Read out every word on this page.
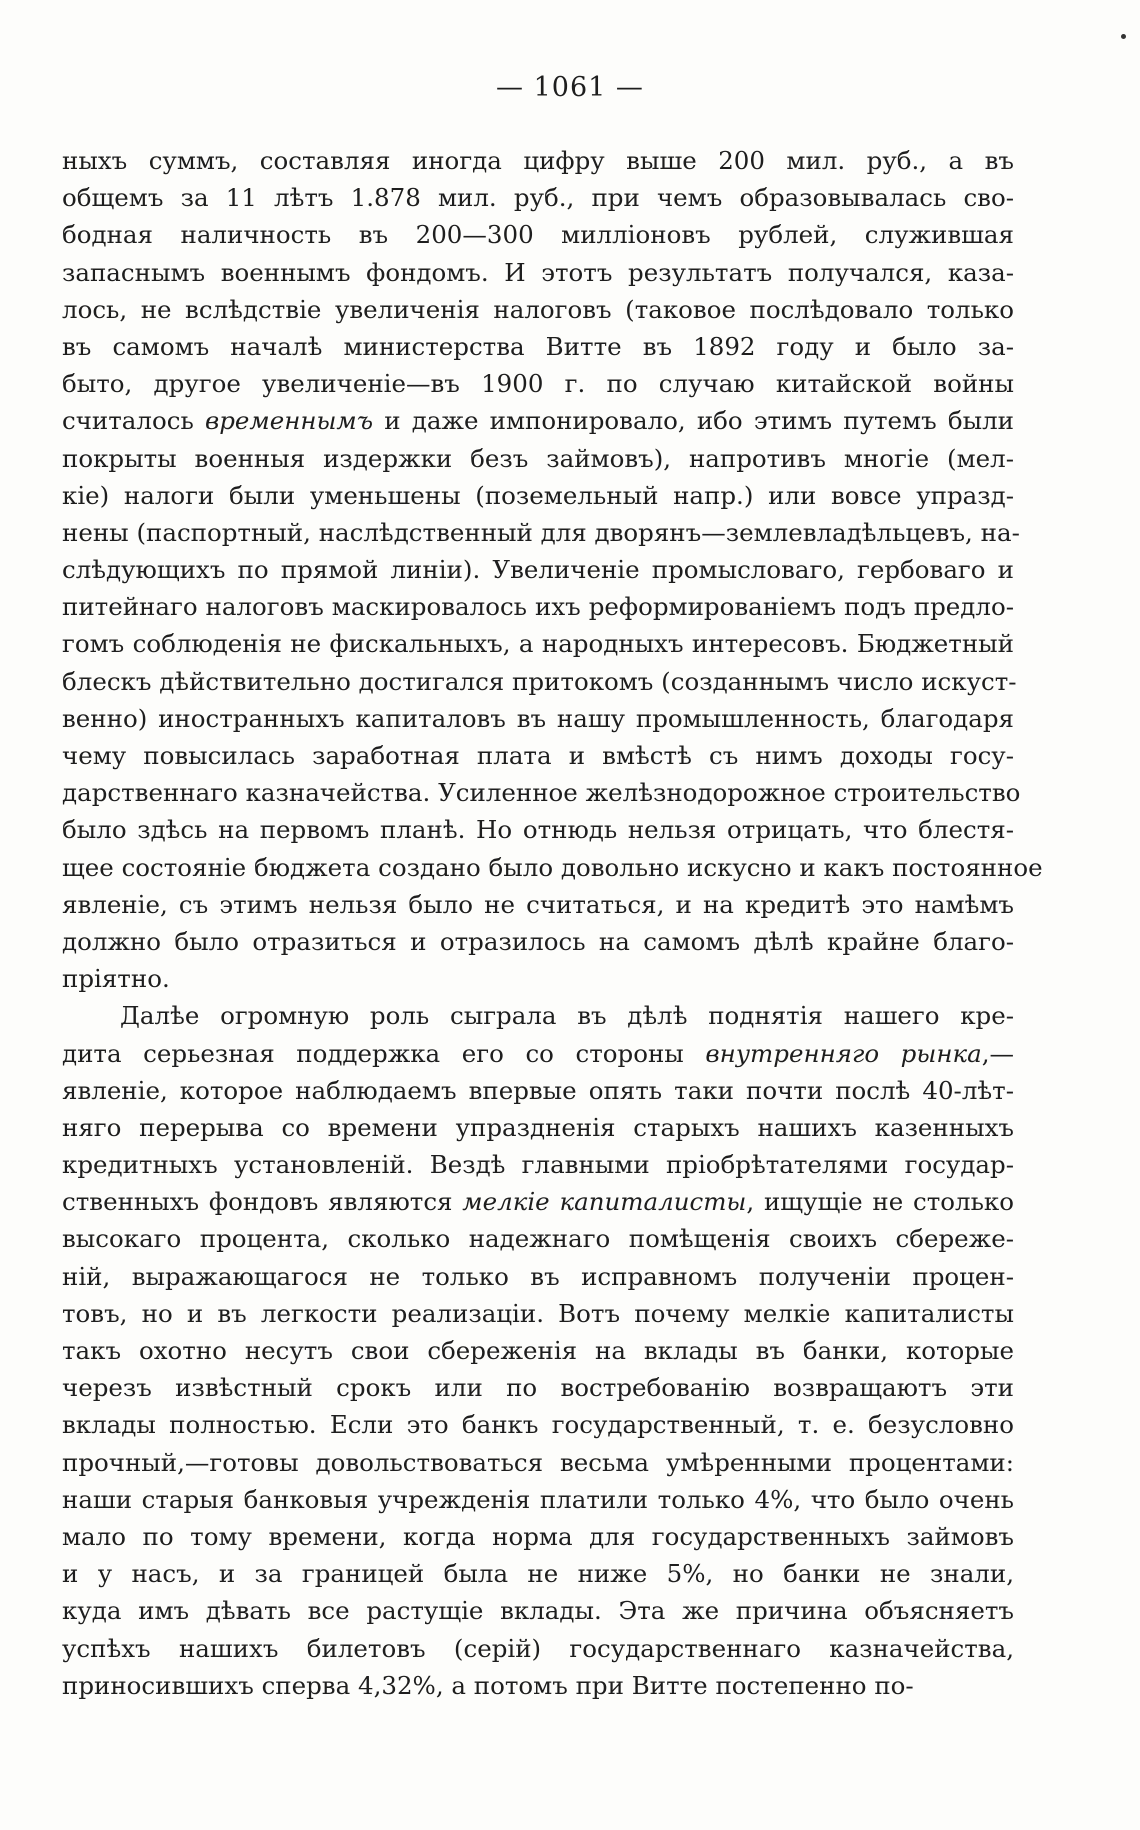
— 1061 —
ныхъ суммъ, составляя иногда цифру выше 200 мил. руб., а въ
общемъ за 11 лѣтъ 1.878 мил. руб., при чемъ образовывалась сво-
бодная наличность въ 200—300 миллiоновъ рублей, служившая
запаснымъ военнымъ фондомъ. И этотъ результатъ получался, каза-
лось, не вслѣдствiе увеличенiя налоговъ (таковое послѣдовало только
въ самомъ началѣ министерства Витте въ 1892 году и было за-
быто, другое увеличенiе—въ 1900 г. по случаю китайской войны
считалось временнымъ и даже импонировало, ибо этимъ путемъ были
покрыты военныя издержки безъ займовъ), напротивъ многiе (мел-
кiе) налоги были уменьшены (поземельный напр.) или вовсе упразд-
нены (паспортный, наслѣдственный для дворянъ—землевладѣльцевъ, на-
слѣдующихъ по прямой линiи). Увеличенiе промысловаго, гербоваго и
питейнаго налоговъ маскировалось ихъ реформированiемъ подъ предло-
гомъ соблюденiя не фискальныхъ, а народныхъ интересовъ. Бюджетный
блескъ дѣйствительно достигался притокомъ (созданнымъ число искуст-
венно) иностранныхъ капиталовъ въ нашу промышленность, благодаря
чему повысилась заработная плата и вмѣстѣ съ нимъ доходы госу-
дарственнаго казначейства. Усиленное желѣзнодорожное строительство
было здѣсь на первомъ планѣ. Но отнюдь нельзя отрицать, что блестя-
щее состоянiе бюджета создано было довольно искусно и какъ постоянное
явленiе, съ этимъ нельзя было не считаться, и на кредитѣ это намѣмъ
должно было отразиться и отразилось на самомъ дѣлѣ крайне благо-
прiятно.
Далѣе огромную роль сыграла въ дѣлѣ поднятiя нашего кре-
дита серьезная поддержка его со стороны внутренняго рынка,—
явленiе, которое наблюдаемъ впервые опять таки почти послѣ 40-лѣт-
няго перерыва со времени упраздненiя старыхъ нашихъ казенныхъ
кредитныхъ установленiй. Вездѣ главными прiобрѣтателями государ-
ственныхъ фондовъ являются мелкiе капиталисты, ищущiе не столько
высокаго процента, сколько надежнаго помѣщенiя своихъ сбереже-
нiй, выражающагося не только въ исправномъ полученiи процен-
товъ, но и въ легкости реализацiи. Вотъ почему мелкiе капиталисты
такъ охотно несутъ свои сбереженiя на вклады въ банки, которые
черезъ извѣстный срокъ или по востребованiю возвращаютъ эти
вклады полностью. Если это банкъ государственный, т. е. безусловно
прочный,—готовы довольствоваться весьма умѣренными процентами:
наши старыя банковыя учрежденiя платили только 4%, что было очень
мало по тому времени, когда норма для государственныхъ займовъ
и у насъ, и за границей была не ниже 5%, но банки не знали,
куда имъ дѣвать все растущiе вклады. Эта же причина объясняетъ
успѣхъ нашихъ билетовъ (серiй) государственнаго казначейства,
приносившихъ сперва 4,32%, а потомъ при Витте постепенно по-
